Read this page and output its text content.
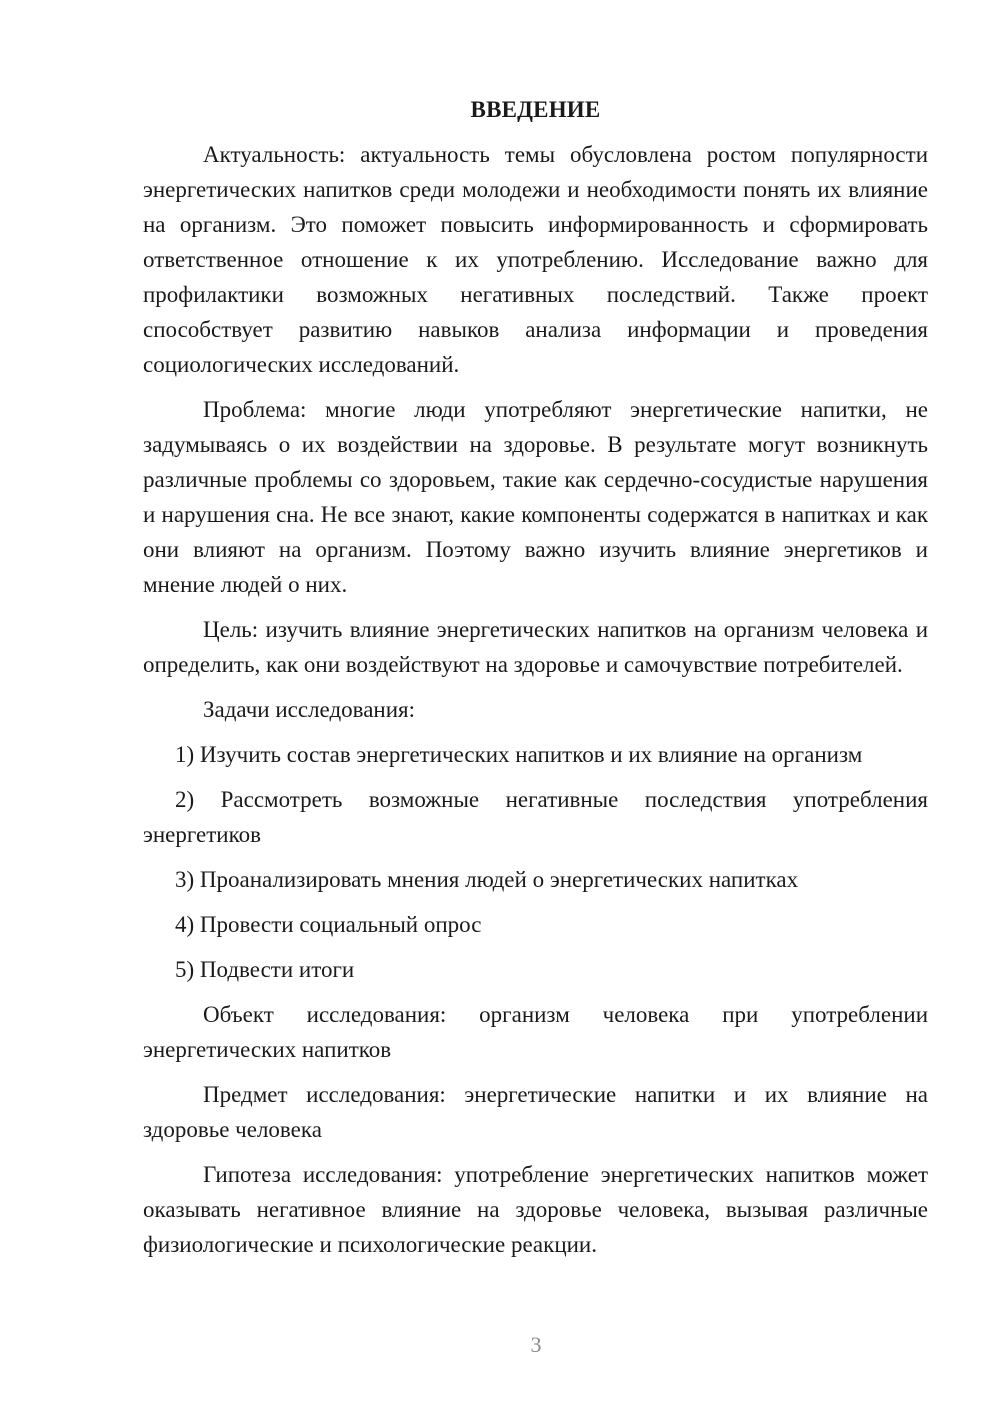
ВВЕДЕНИЕ

Актуальность: актуальность темы обусловлена ростом популярности энергетических напитков среди молодежи и необходимости понять их влияние на организм. Это поможет повысить информированность и сформировать ответственное отношение к их употреблению. Исследование важно для профилактики возможных негативных последствий. Также проект способствует развитию навыков анализа информации и проведения социологических исследований.

Проблема: многие люди употребляют энергетические напитки, не задумываясь о их воздействии на здоровье. В результате могут возникнуть различные проблемы со здоровьем, такие как сердечно-сосудистые нарушения и нарушения сна. Не все знают, какие компоненты содержатся в напитках и как они влияют на организм. Поэтому важно изучить влияние энергетиков и мнение людей о них.

Цель: изучить влияние энергетических напитков на организм человека и определить, как они воздействуют на здоровье и самочувствие потребителей.

Задачи исследования:

1) Изучить состав энергетических напитков и их влияние на организм

2) Рассмотреть возможные негативные последствия употребления энергетиков

3) Проанализировать мнения людей о энергетических напитках

4) Провести социальный опрос

5) Подвести итоги

Объект исследования: организм человека при употреблении энергетических напитков

Предмет исследования: энергетические напитки и их влияние на здоровье человека

Гипотеза исследования: употребление энергетических напитков может оказывать негативное влияние на здоровье человека, вызывая различные физиологические и психологические реакции.

3
